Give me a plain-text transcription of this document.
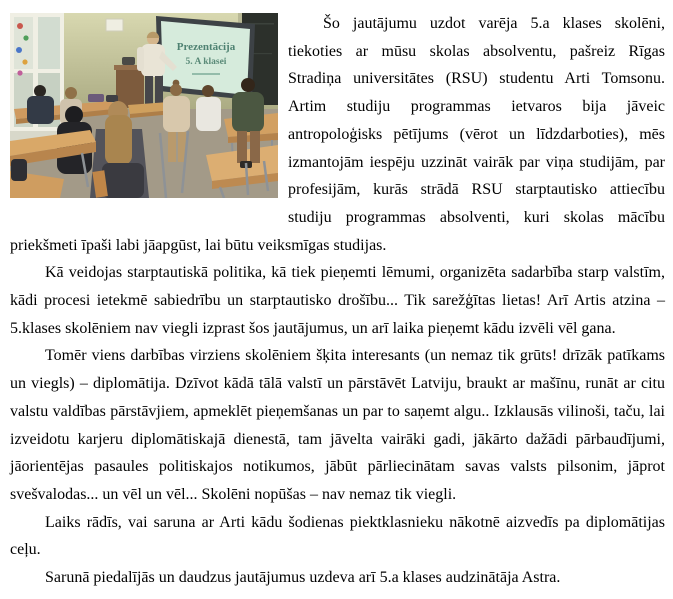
Prezentācija
5. A klasei

Šo jautājumu uzdot varēja 5.a klases skolēni, tiekoties ar mūsu skolas absolventu, pašreiz Rīgas Stradiņa universitātes (RSU) studentu Arti Tomsonu. Artim studiju programmas ietvaros bija jāveic antropoloģisks pētījums (vērot un līdzdarboties), mēs izmantojām iespēju uzzināt vairāk par viņa studijām, par profesijām, kurās strādā RSU starptautisko attiecību studiju programmas absolventi, kuri skolas mācību priekšmeti īpaši labi jāapgūst, lai būtu veiksmīgas studijas.

Kā veidojas starptautiskā politika, kā tiek pieņemti lēmumi, organizēta sadarbība starp valstīm, kādi procesi ietekmē sabiedrību un starptautisko drošību... Tik sarežģītas lietas! Arī Artis atzina – 5.klases skolēniem nav viegli izprast šos jautājumus, un arī laika pieņemt kādu izvēli vēl gana.

Tomēr viens darbības virziens skolēniem šķita interesants (un nemaz tik grūts! drīzāk patīkams un viegls) – diplomātija. Dzīvot kādā tālā valstī un pārstāvēt Latviju, braukt ar mašīnu, runāt ar citu valstu valdības pārstāvjiem, apmeklēt pieņemšanas un par to saņemt algu.. Izklausās vilinoši, taču, lai izveidotu karjeru diplomātiskajā dienestā, tam jāvelta vairāki gadi, jākārto dažādi pārbaudījumi, jāorientējas pasaules politiskajos notikumos, jābūt pārliecinātam savas valsts pilsonim, jāprot svešvalodas... un vēl un vēl... Skolēni nopūšas – nav nemaz tik viegli.

Laiks rādīs, vai saruna ar Arti kādu šodienas piektklasnieku nākotnē aizvedīs pa diplomātijas ceļu.

Sarunā piedalījās un daudzus jautājumus uzdeva arī 5.a klases audzinātāja Astra.
